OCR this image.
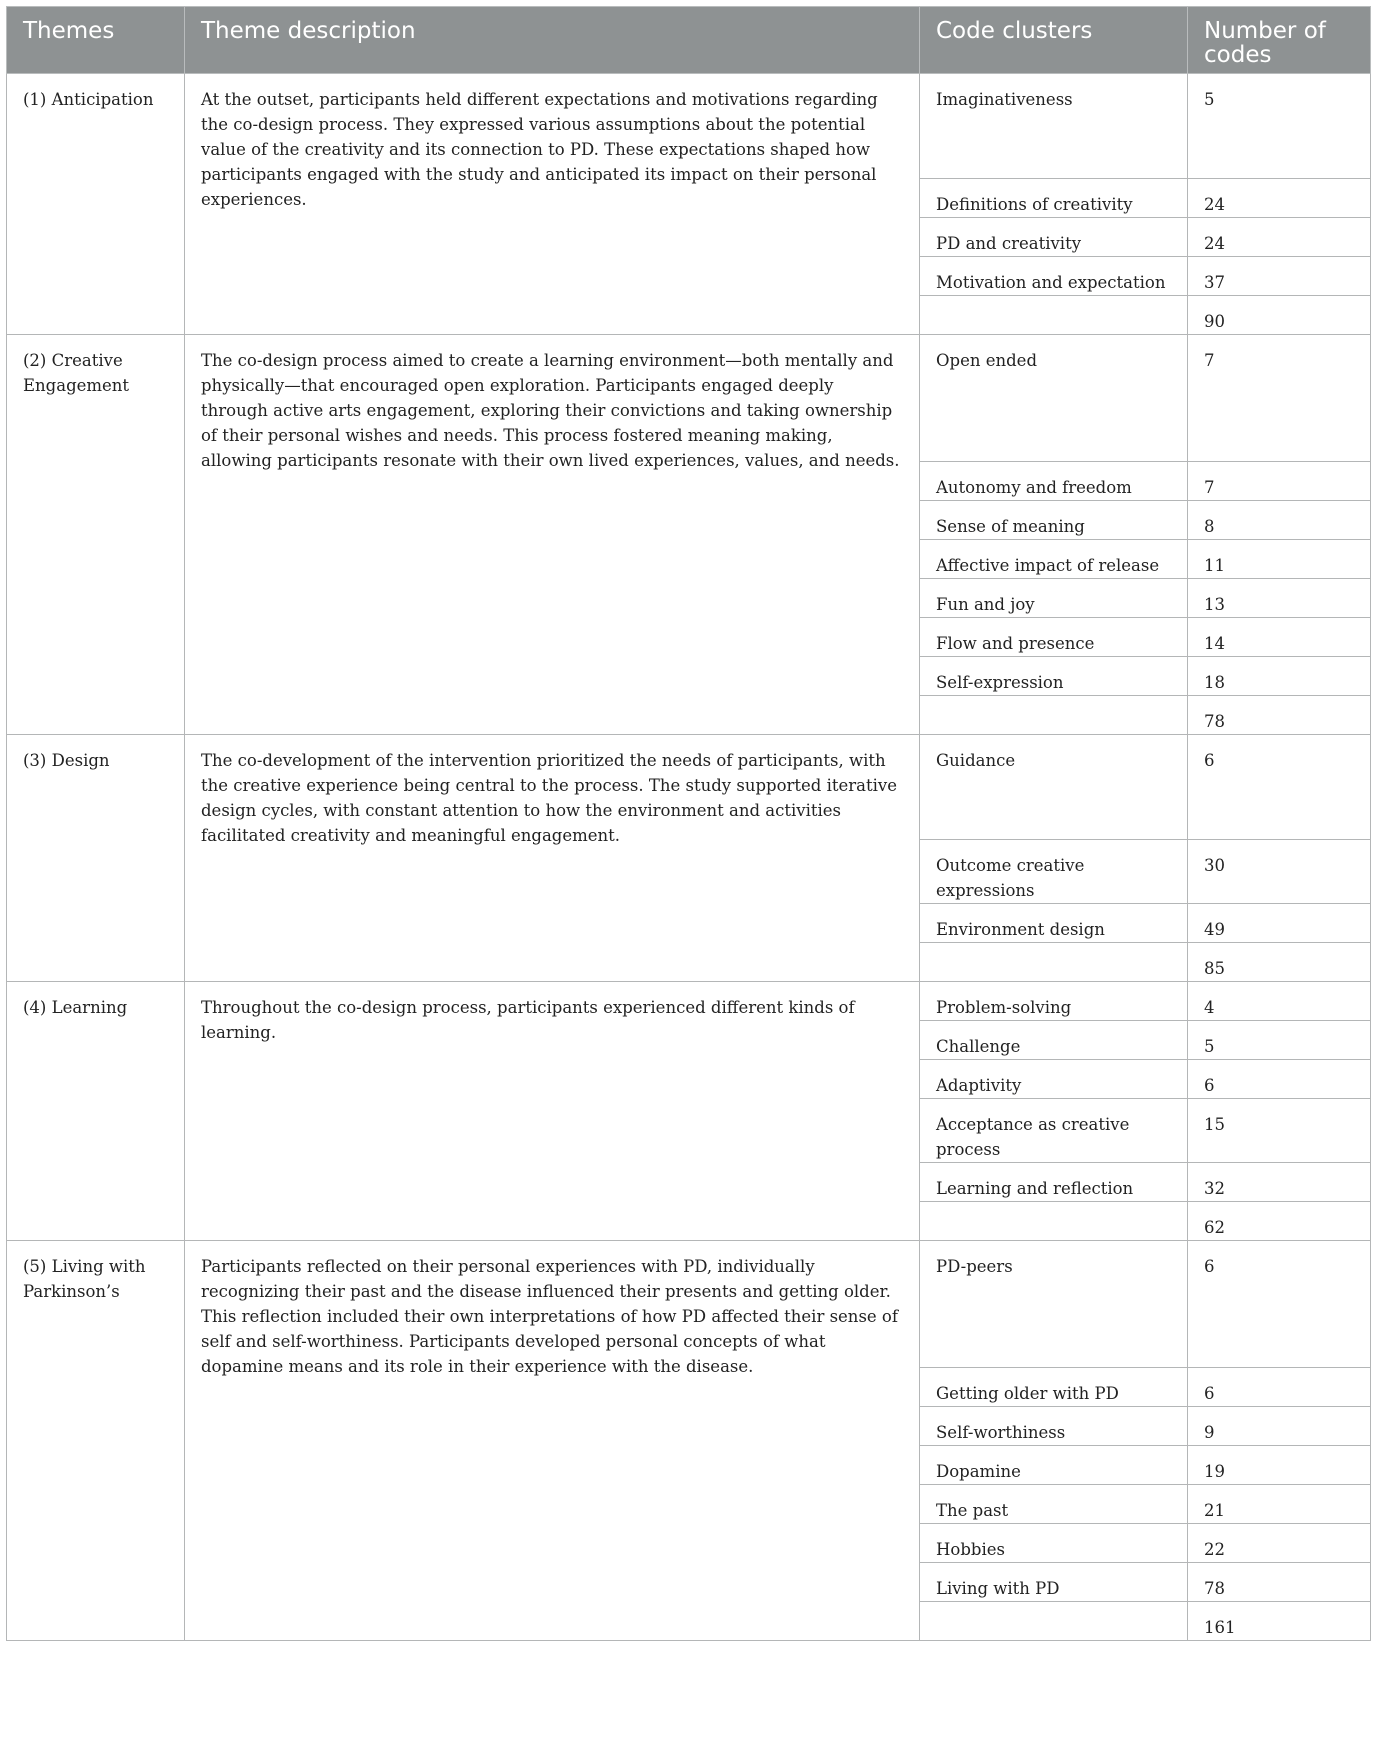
Themes	Theme description	Code clusters	Number of codes
(1) Anticipation	At the outset, participants held different expectations and motivations regarding the co-design process. They expressed various assumptions about the potential value of the creativity and its connection to PD. These expectations shaped how participants engaged with the study and anticipated its impact on their personal experiences.	Imaginativeness	5
		Definitions of creativity	24
		PD and creativity	24
		Motivation and expectation	37
			90
(2) Creative Engagement	The co-design process aimed to create a learning environment—both mentally and physically—that encouraged open exploration. Participants engaged deeply through active arts engagement, exploring their convictions and taking ownership of their personal wishes and needs. This process fostered meaning making, allowing participants resonate with their own lived experiences, values, and needs.	Open ended	7
		Autonomy and freedom	7
		Sense of meaning	8
		Affective impact of release	11
		Fun and joy	13
		Flow and presence	14
		Self-expression	18
			78
(3) Design	The co-development of the intervention prioritized the needs of participants, with the creative experience being central to the process. The study supported iterative design cycles, with constant attention to how the environment and activities facilitated creativity and meaningful engagement.	Guidance	6
		Outcome creative expressions	30
		Environment design	49
			85
(4) Learning	Throughout the co-design process, participants experienced different kinds of learning.	Problem-solving	4
		Challenge	5
		Adaptivity	6
		Acceptance as creative process	15
		Learning and reflection	32
			62
(5) Living with Parkinson’s	Participants reflected on their personal experiences with PD, individually recognizing their past and the disease influenced their presents and getting older. This reflection included their own interpretations of how PD affected their sense of self and self-worthiness. Participants developed personal concepts of what dopamine means and its role in their experience with the disease.	PD-peers	6
		Getting older with PD	6
		Self-worthiness	9
		Dopamine	19
		The past	21
		Hobbies	22
		Living with PD	78
			161
